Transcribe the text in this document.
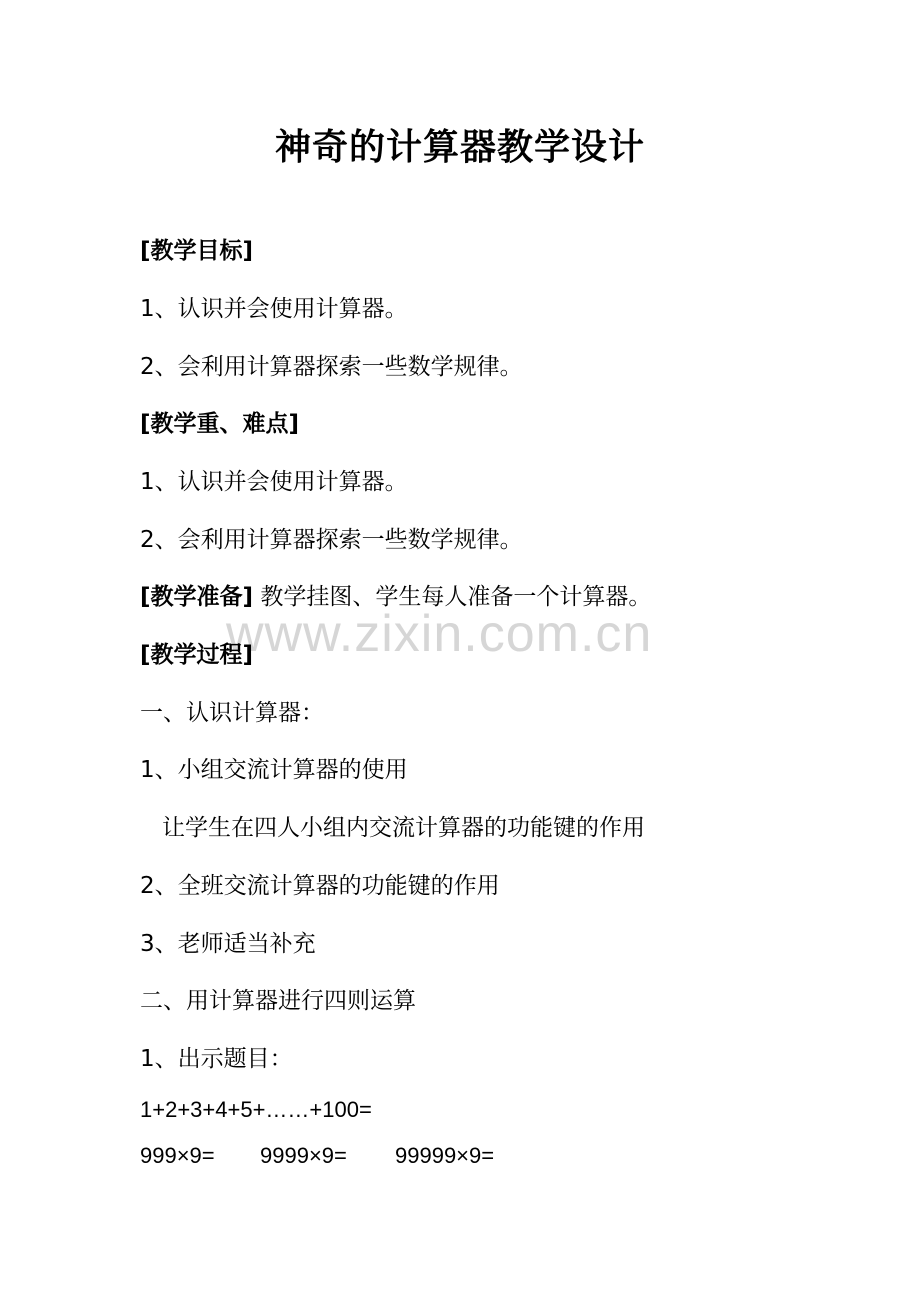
神奇的计算器教学设计
[教学目标]
1、认识并会使用计算器。
2、会利用计算器探索一些数学规律。
[教学重、难点]
1、认识并会使用计算器。
2、会利用计算器探索一些数学规律。
[教学准备] 教学挂图、学生每人准备一个计算器。
www.zixin.com.cn
[教学过程]
一、认识计算器：
1、小组交流计算器的使用
让学生在四人小组内交流计算器的功能键的作用
2、全班交流计算器的功能键的作用
3、老师适当补充
二、用计算器进行四则运算
1、出示题目：
1+2+3+4+5+……+100=
999×9= 9999×9= 99999×9=
